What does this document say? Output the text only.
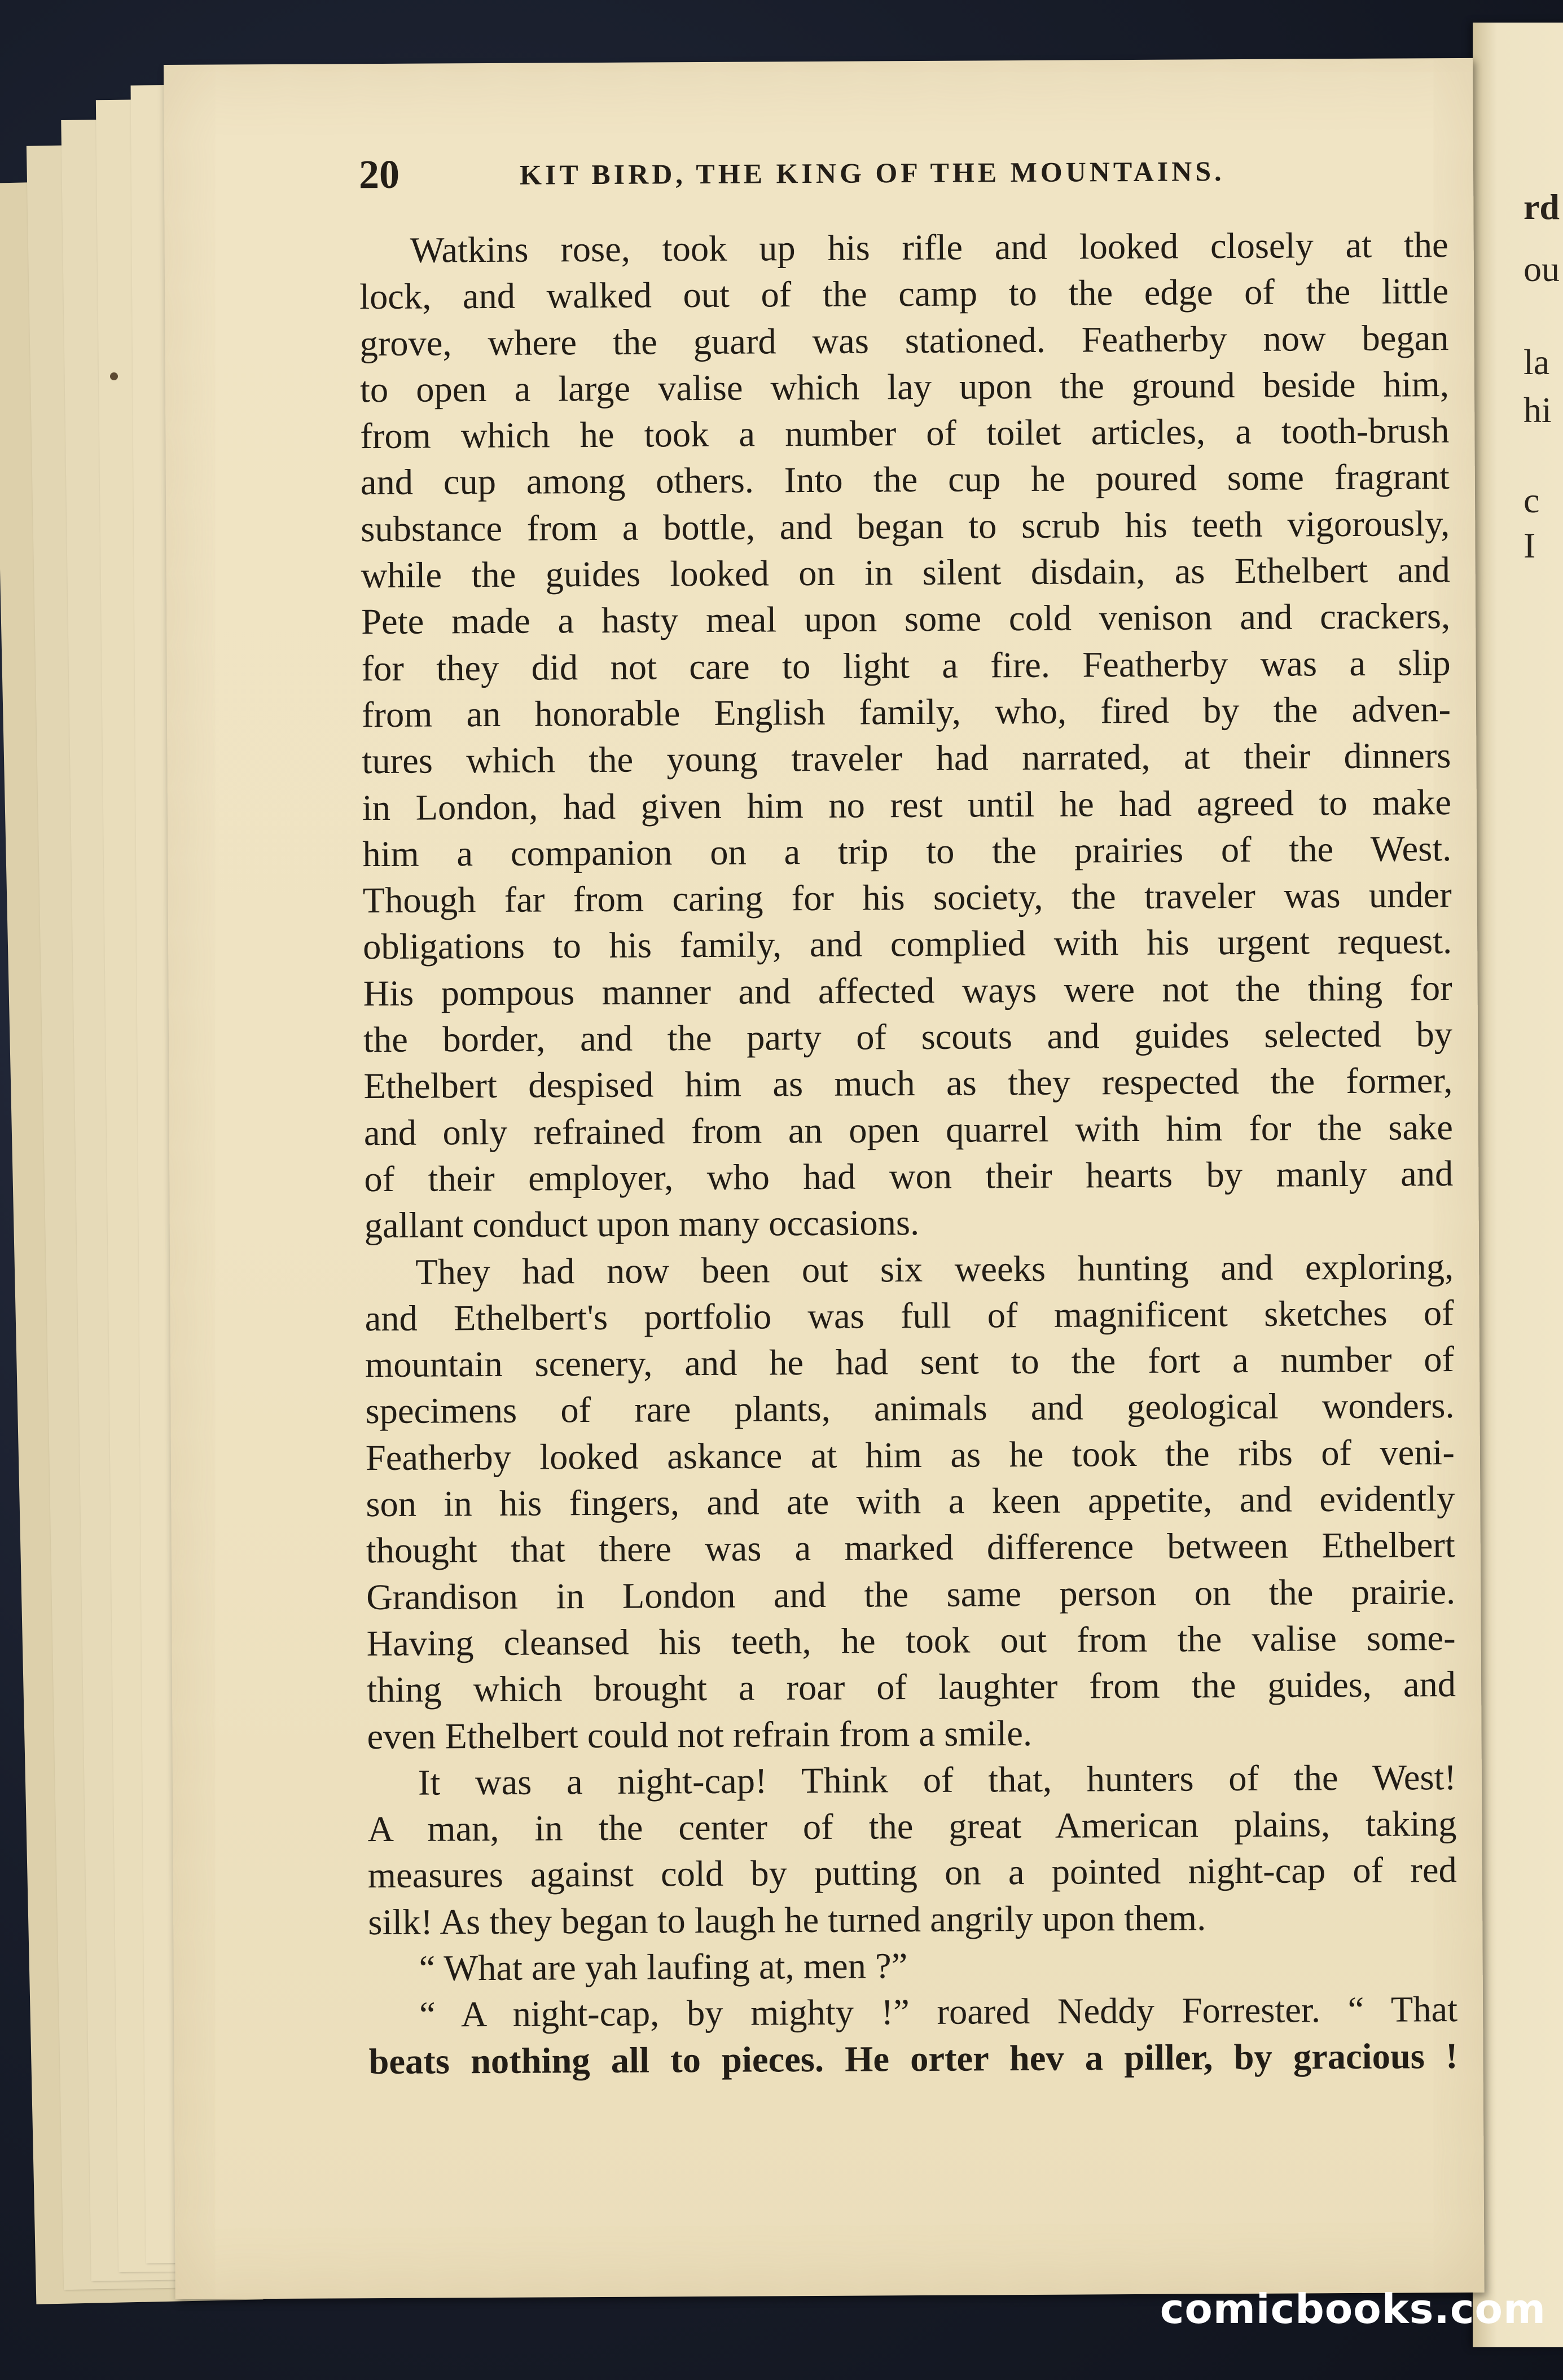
rd
ou
la
hi
c
I
20	KIT BIRD, THE KING OF THE MOUNTAINS.
Watkins rose, took up his rifle and looked closely at the
lock, and walked out of the camp to the edge of the little
grove, where the guard was stationed. Featherby now began
to open a large valise which lay upon the ground beside him,
from which he took a number of toilet articles, a tooth-brush
and cup among others. Into the cup he poured some fragrant
substance from a bottle, and began to scrub his teeth vigorously,
while the guides looked on in silent disdain, as Ethelbert and
Pete made a hasty meal upon some cold venison and crackers,
for they did not care to light a fire. Featherby was a slip
from an honorable English family, who, fired by the adven-
tures which the young traveler had narrated, at their dinners
in London, had given him no rest until he had agreed to make
him a companion on a trip to the prairies of the West.
Though far from caring for his society, the traveler was under
obligations to his family, and complied with his urgent request.
His pompous manner and affected ways were not the thing for
the border, and the party of scouts and guides selected by
Ethelbert despised him as much as they respected the former,
and only refrained from an open quarrel with him for the sake
of their employer, who had won their hearts by manly and
gallant conduct upon many occasions.
They had now been out six weeks hunting and exploring,
and Ethelbert's portfolio was full of magnificent sketches of
mountain scenery, and he had sent to the fort a number of
specimens of rare plants, animals and geological wonders.
Featherby looked askance at him as he took the ribs of veni-
son in his fingers, and ate with a keen appetite, and evidently
thought that there was a marked difference between Ethelbert
Grandison in London and the same person on the prairie.
Having cleansed his teeth, he took out from the valise some-
thing which brought a roar of laughter from the guides, and
even Ethelbert could not refrain from a smile.
It was a night-cap! Think of that, hunters of the West!
A man, in the center of the great American plains, taking
measures against cold by putting on a pointed night-cap of red
silk! As they began to laugh he turned angrily upon them.
“ What are yah laufing at, men ?”
“ A night-cap, by mighty !” roared Neddy Forrester. “ That
beats nothing all to pieces. He orter hev a piller, by gracious !
comicbooks.com
